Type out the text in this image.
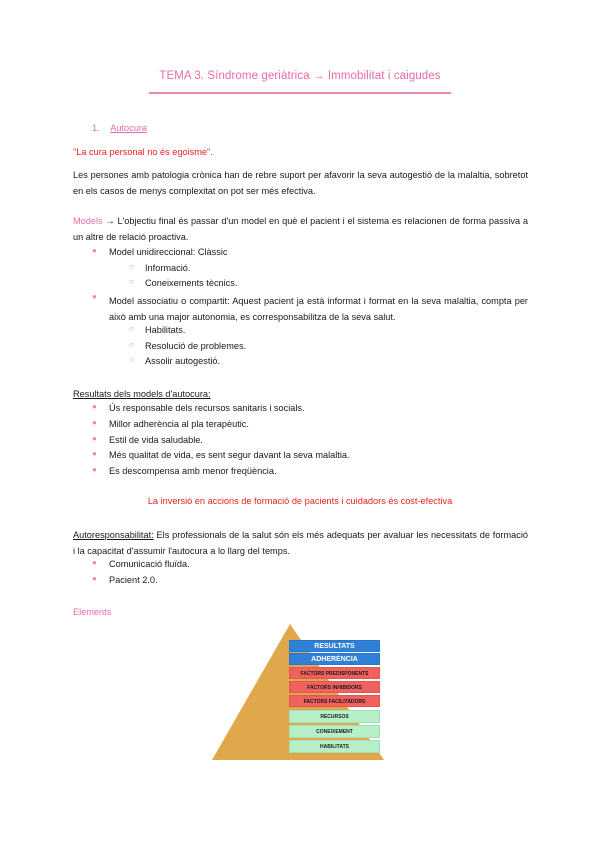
TEMA 3. Síndrome geriàtrica → Immobilitat i caigudes
1. Autocura
"La cura personal no és egoisme".
Les persones amb patologia crònica han de rebre suport per afavorir la seva autogestió de la malaltia, sobretot en els casos de menys complexitat on pot ser més efectiva.
Models → L'objectiu final és passar d'un model en què el pacient i el sistema es relacionen de forma passiva a un altre de relació proactiva.
● Model unidireccional: Clàssic
○ Informació.
○ Coneixements tècnics.
● Model associatiu o compartit: Aquest pacient ja està informat i format en la seva malaltia, compta per això amb una major autonomia, es corresponsabilitza de la seva salut.
○ Habilitats.
○ Resolució de problemes.
○ Assolir autogestió.
Resultats dels models d'autocura:
● Ús responsable dels recursos sanitaris i socials.
● Millor adherència al pla terapèutic.
● Estil de vida saludable.
● Més qualitat de vida, es sent segur davant la seva malaltia.
● Es descompensa amb menor freqüència.
La inversió en accions de formació de pacients i cuidadors és cost-efectiva
Autoresponsabilitat: Els professionals de la salut són els més adequats per avaluar les necessitats de formació i la capacitat d'assumir l'autocura a lo llarg del temps.
● Comunicació fluïda.
● Pacient 2.0.
Elements
RESULTATS
ADHERÈNCIA
FACTORS PREDISPONENTS
FACTORS INHIBIDORS
FACTORS FACILITADORS
RECURSOS
CONEIXEMENT
HABILITATS
